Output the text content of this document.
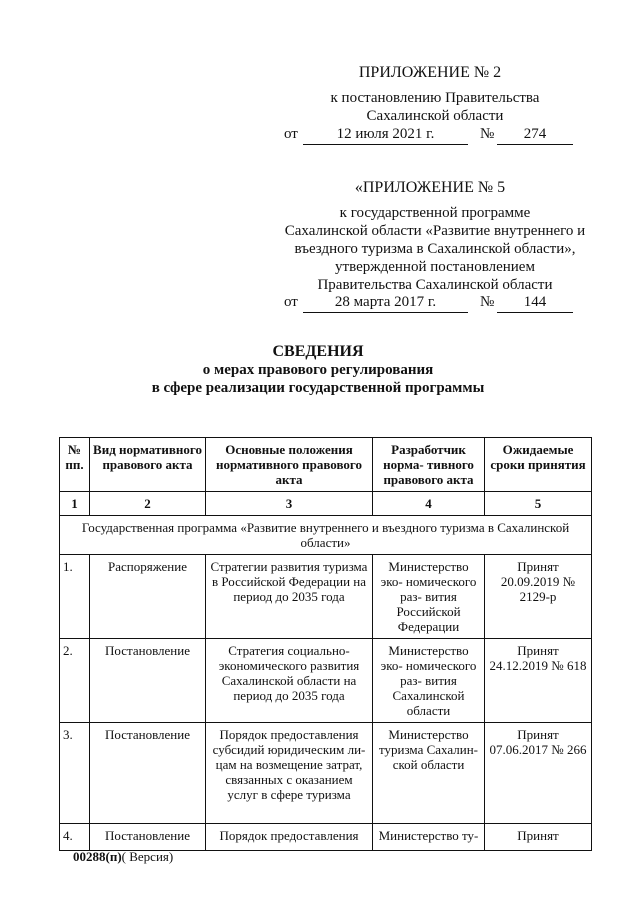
ПРИЛОЖЕНИЕ № 2
к постановлению Правительства
Сахалинской области
от	12 июля 2021 г.	№	274
«ПРИЛОЖЕНИЕ № 5
к государственной программе
Сахалинской области «Развитие внутреннего и
въездного туризма в Сахалинской области»,
утвержденной постановлением
Правительства Сахалинской области
от	28 марта 2017 г.	№	144
СВЕДЕНИЯ
о мерах правового регулирования
в сфере реализации государственной программы
№ пп.	Вид нормативного правового акта	Основные положения нормативного правового акта	Разработчик норма- тивного правового акта	Ожидаемые сроки принятия
1	2	3	4	5
Государственная программа «Развитие внутреннего и въездного туризма в Сахалинской области»				
1.	Распоряжение	Стратегии развития туризма в Российской Федерации на период до 2035 года	Министерство эко- номического раз- вития Российской Федерации	Принят 20.09.2019 № 2129-р
2.	Постановление	Стратегия социально- экономического развития Сахалинской области на период до 2035 года	Министерство эко- номического раз- вития Сахалинской области	Принят 24.12.2019 № 618
3.	Постановление	Порядок предоставления субсидий юридическим ли- цам на возмещение затрат, связанных с оказанием услуг в сфере туризма	Министерство туризма Сахалин- ской области	Принят 07.06.2017 № 266
4.	Постановление	Порядок предоставления	Министерство ту-	Принят
00288(п)( Версия)
